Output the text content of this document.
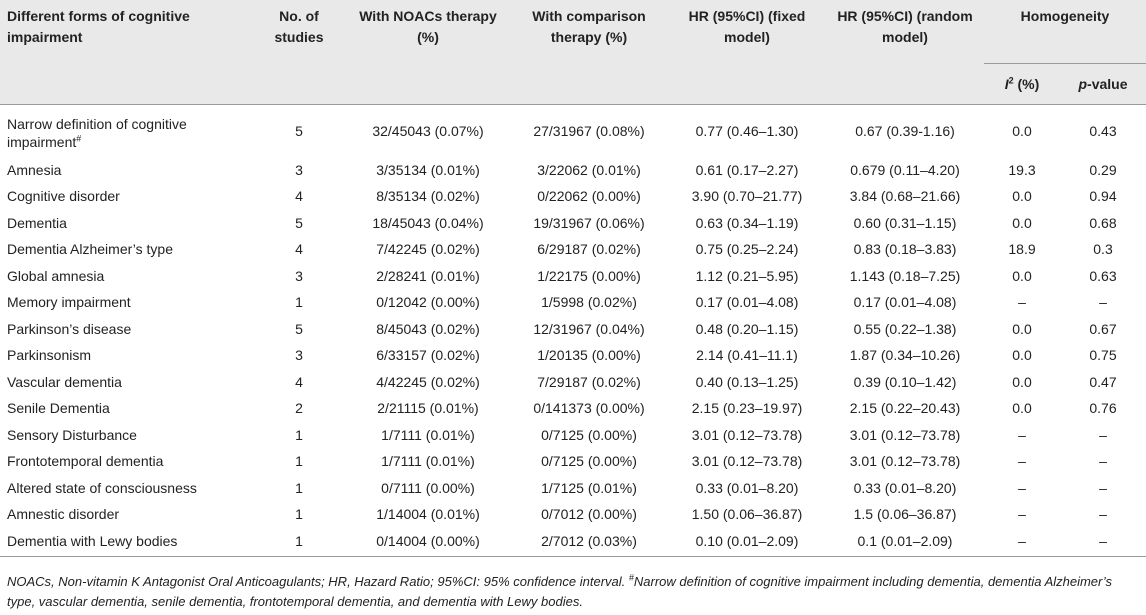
Different forms of cognitive impairment	No. of studies	With NOACs therapy (%)	With comparison therapy (%)	HR (95%CI) (fixed model)	HR (95%CI) (random model)	Homogeneity	
						$I^2$ (%)	p-value
Narrow definition of cognitive impairment#	5	32/45043 (0.07%)	27/31967 (0.08%)	0.77 (0.46–1.30)	0.67 (0.39-1.16)	0.0	0.43
Amnesia	3	3/35134 (0.01%)	3/22062 (0.01%)	0.61 (0.17–2.27)	0.679 (0.11–4.20)	19.3	0.29
Cognitive disorder	4	8/35134 (0.02%)	0/22062 (0.00%)	3.90 (0.70–21.77)	3.84 (0.68–21.66)	0.0	0.94
Dementia	5	18/45043 (0.04%)	19/31967 (0.06%)	0.63 (0.34–1.19)	0.60 (0.31–1.15)	0.0	0.68
Dementia Alzheimer’s type	4	7/42245 (0.02%)	6/29187 (0.02%)	0.75 (0.25–2.24)	0.83 (0.18–3.83)	18.9	0.3
Global amnesia	3	2/28241 (0.01%)	1/22175 (0.00%)	1.12 (0.21–5.95)	1.143 (0.18–7.25)	0.0	0.63
Memory impairment	1	0/12042 (0.00%)	1/5998 (0.02%)	0.17 (0.01–4.08)	0.17 (0.01–4.08)	–	–
Parkinson’s disease	5	8/45043 (0.02%)	12/31967 (0.04%)	0.48 (0.20–1.15)	0.55 (0.22–1.38)	0.0	0.67
Parkinsonism	3	6/33157 (0.02%)	1/20135 (0.00%)	2.14 (0.41–11.1)	1.87 (0.34–10.26)	0.0	0.75
Vascular dementia	4	4/42245 (0.02%)	7/29187 (0.02%)	0.40 (0.13–1.25)	0.39 (0.10–1.42)	0.0	0.47
Senile Dementia	2	2/21115 (0.01%)	0/141373 (0.00%)	2.15 (0.23–19.97)	2.15 (0.22–20.43)	0.0	0.76
Sensory Disturbance	1	1/7111 (0.01%)	0/7125 (0.00%)	3.01 (0.12–73.78)	3.01 (0.12–73.78)	–	–
Frontotemporal dementia	1	1/7111 (0.01%)	0/7125 (0.00%)	3.01 (0.12–73.78)	3.01 (0.12–73.78)	–	–
Altered state of consciousness	1	0/7111 (0.00%)	1/7125 (0.01%)	0.33 (0.01–8.20)	0.33 (0.01–8.20)	–	–
Amnestic disorder	1	1/14004 (0.01%)	0/7012 (0.00%)	1.50 (0.06–36.87)	1.5 (0.06–36.87)	–	–
Dementia with Lewy bodies	1	0/14004 (0.00%)	2/7012 (0.03%)	0.10 (0.01–2.09)	0.1 (0.01–2.09)	–	–
NOACs, Non-vitamin K Antagonist Oral Anticoagulants; HR, Hazard Ratio; 95%CI: 95% confidence interval. #Narrow definition of cognitive impairment including dementia, dementia Alzheimer’s type, vascular dementia, senile dementia, frontotemporal dementia, and dementia with Lewy bodies.
